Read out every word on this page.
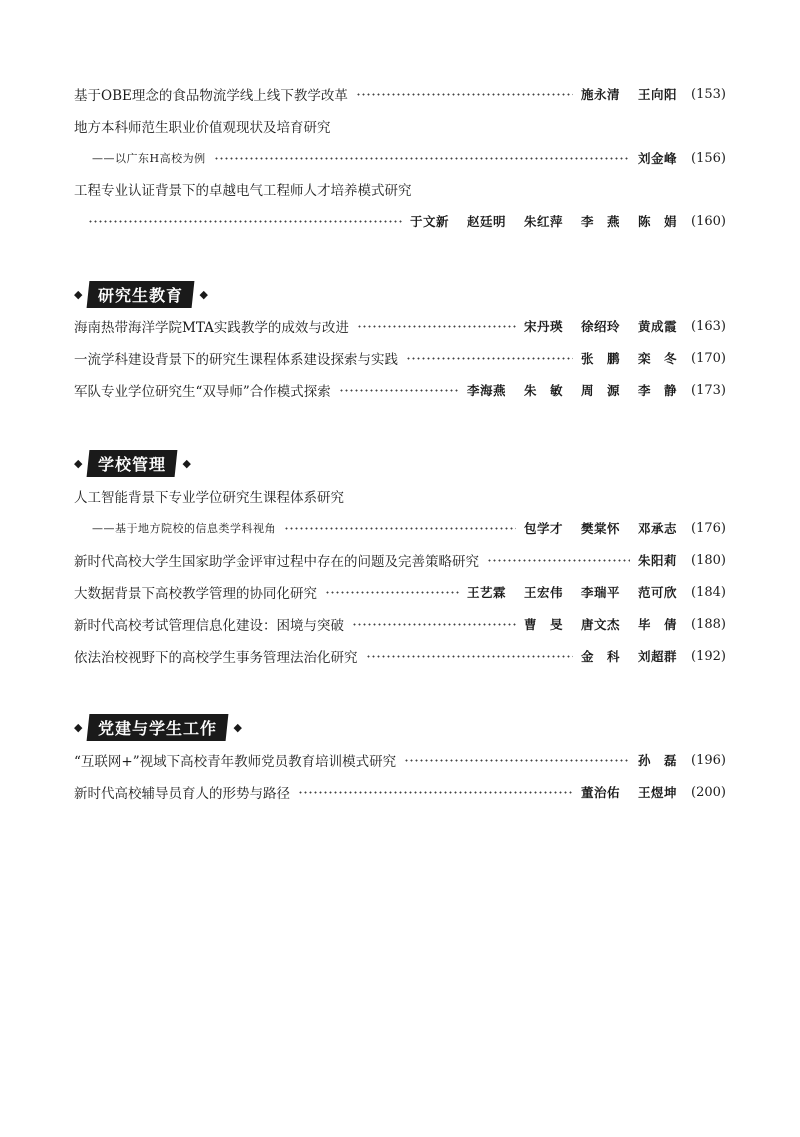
基于OBE理念的食品物流学线上线下教学改革	施永清 王向阳 (153)
地方本科师范生职业价值观现状及培育研究
——以广东H高校为例	刘金峰 (156)
工程专业认证背景下的卓越电气工程师人才培养模式研究
于文新 赵廷明 朱红萍 李　燕 陈　娟 (160)
◆	研究生教育	◆
海南热带海洋学院MTA实践教学的成效与改进	宋丹瑛 徐绍玲 黄成霞 (163)
一流学科建设背景下的研究生课程体系建设探索与实践	张　鹏 栾　冬 (170)
军队专业学位研究生“双导师”合作模式探索	李海燕 朱　敏 周　源 李　静 (173)
◆	学校管理	◆
人工智能背景下专业学位研究生课程体系研究
——基于地方院校的信息类学科视角	包学才 樊棠怀 邓承志 (176)
新时代高校大学生国家助学金评审过程中存在的问题及完善策略研究	朱阳莉 (180)
大数据背景下高校教学管理的协同化研究	王艺霖 王宏伟 李瑞平 范可欣 (184)
新时代高校考试管理信息化建设：困境与突破	曹　旻 唐文杰 毕　倩 (188)
依法治校视野下的高校学生事务管理法治化研究	金　科 刘超群 (192)
◆	党建与学生工作	◆
“互联网+”视域下高校青年教师党员教育培训模式研究	孙　磊 (196)
新时代高校辅导员育人的形势与路径	董治佑 王煜坤 (200)
